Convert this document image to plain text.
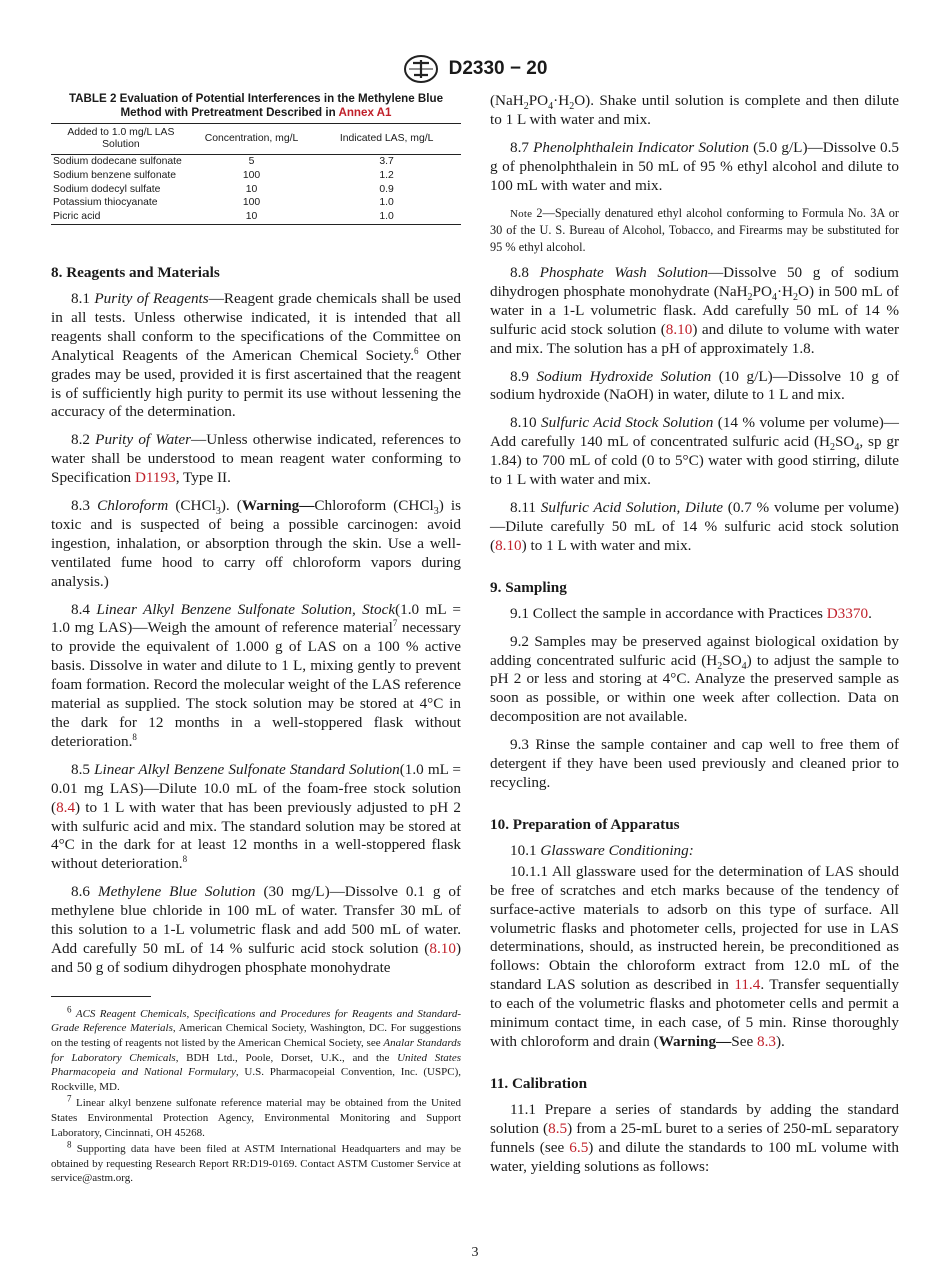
D2330 − 20
TABLE 2 Evaluation of Potential Interferences in the Methylene Blue Method with Pretreatment Described in Annex A1
Added to 1.0 mg/L LAS Solution	Concentration, mg/L	Indicated LAS, mg/L
Sodium dodecane sulfonate	5	3.7
Sodium benzene sulfonate	100	1.2
Sodium dodecyl sulfate	10	0.9
Potassium thiocyanate	100	1.0
Picric acid	10	1.0
8. Reagents and Materials

8.1 Purity of Reagents—Reagent grade chemicals shall be used in all tests. Unless otherwise indicated, it is intended that all reagents shall conform to the specifications of the Committee on Analytical Reagents of the American Chemical Society.$^6$ Other grades may be used, provided it is first ascertained that the reagent is of sufficiently high purity to permit its use without lessening the accuracy of the determination.

8.2 Purity of Water—Unless otherwise indicated, references to water shall be understood to mean reagent water conforming to Specification D1193, Type II.

8.3 Chloroform (CHCl$_3$). (Warning—Chloroform (CHCl$_3$) is toxic and is suspected of being a possible carcinogen: avoid ingestion, inhalation, or absorption through the skin. Use a well-ventilated fume hood to carry off chloroform vapors during analysis.)

8.4 Linear Alkyl Benzene Sulfonate Solution, Stock(1.0 mL = 1.0 mg LAS)—Weigh the amount of reference material$^7$ necessary to provide the equivalent of 1.000 g of LAS on a 100 % active basis. Dissolve in water and dilute to 1 L, mixing gently to prevent foam formation. Record the molecular weight of the LAS reference material as supplied. The stock solution may be stored at 4°C in the dark for 12 months in a well-stoppered flask without deterioration.$^8$

8.5 Linear Alkyl Benzene Sulfonate Standard Solution(1.0 mL = 0.01 mg LAS)—Dilute 10.0 mL of the foam-free stock solution (8.4) to 1 L with water that has been previously adjusted to pH 2 with sulfuric acid and mix. The standard solution may be stored at 4°C in the dark for at least 12 months in a well-stoppered flask without deterioration.$^8$

8.6 Methylene Blue Solution (30 mg/L)—Dissolve 0.1 g of methylene blue chloride in 100 mL of water. Transfer 30 mL of this solution to a 1-L volumetric flask and add 500 mL of water. Add carefully 50 mL of 14 % sulfuric acid stock solution (8.10) and 50 g of sodium dihydrogen phosphate monohydrate

$^6$ ACS Reagent Chemicals, Specifications and Procedures for Reagents and Standard-Grade Reference Materials, American Chemical Society, Washington, DC. For suggestions on the testing of reagents not listed by the American Chemical Society, see Analar Standards for Laboratory Chemicals, BDH Ltd., Poole, Dorset, U.K., and the United States Pharmacopeia and National Formulary, U.S. Pharmacopeial Convention, Inc. (USPC), Rockville, MD.

$^7$ Linear alkyl benzene sulfonate reference material may be obtained from the United States Environmental Protection Agency, Environmental Monitoring and Support Laboratory, Cincinnati, OH 45268.

$^8$ Supporting data have been filed at ASTM International Headquarters and may be obtained by requesting Research Report RR:D19-0169. Contact ASTM Customer Service at service@astm.org.

$(NaH_2PO_4\cdot H_2O)$. Shake until solution is complete and then dilute to 1 L with water and mix.

8.7 Phenolphthalein Indicator Solution (5.0 g/L)—Dissolve 0.5 g of phenolphthalein in 50 mL of 95 % ethyl alcohol and dilute to 100 mL with water and mix.

Note 2—Specially denatured ethyl alcohol conforming to Formula No. 3A or 30 of the U. S. Bureau of Alcohol, Tobacco, and Firearms may be substituted for 95 % ethyl alcohol.

8.8 Phosphate Wash Solution—Dissolve 50 g of sodium dihydrogen phosphate monohydrate $(NaH_2PO_4\cdot H_2O)$ in 500 mL of water in a 1-L volumetric flask. Add carefully 50 mL of 14 % sulfuric acid stock solution (8.10) and dilute to volume with water and mix. The solution has a pH of approximately 1.8.

8.9 Sodium Hydroxide Solution (10 g/L)—Dissolve 10 g of sodium hydroxide (NaOH) in water, dilute to 1 L and mix.

8.10 Sulfuric Acid Stock Solution (14 % volume per volume)—Add carefully 140 mL of concentrated sulfuric acid ($H_2SO_4$, sp gr 1.84) to 700 mL of cold (0 to 5°C) water with good stirring, dilute to 1 L with water and mix.

8.11 Sulfuric Acid Solution, Dilute (0.7 % volume per volume)—Dilute carefully 50 mL of 14 % sulfuric acid stock solution (8.10) to 1 L with water and mix.

9. Sampling

9.1 Collect the sample in accordance with Practices D3370.

9.2 Samples may be preserved against biological oxidation by adding concentrated sulfuric acid $(H_2SO_4)$ to adjust the sample to pH 2 or less and storing at 4°C. Analyze the preserved sample as soon as possible, or within one week after collection. Data on decomposition are not available.

9.3 Rinse the sample container and cap well to free them of detergent if they have been used previously and cleaned prior to recycling.

10. Preparation of Apparatus

10.1 Glassware Conditioning:

10.1.1 All glassware used for the determination of LAS should be free of scratches and etch marks because of the tendency of surface-active materials to adsorb on this type of surface. All volumetric flasks and photometer cells, projected for use in LAS determinations, should, as instructed herein, be preconditioned as follows: Obtain the chloroform extract from 12.0 mL of the standard LAS solution as described in 11.4. Transfer sequentially to each of the volumetric flasks and photometer cells and permit a minimum contact time, in each case, of 5 min. Rinse thoroughly with chloroform and drain (Warning—See 8.3).

11. Calibration

11.1 Prepare a series of standards by adding the standard solution (8.5) from a 25-mL buret to a series of 250-mL separatory funnels (see 6.5) and dilute the standards to 100 mL volume with water, yielding solutions as follows:

3
